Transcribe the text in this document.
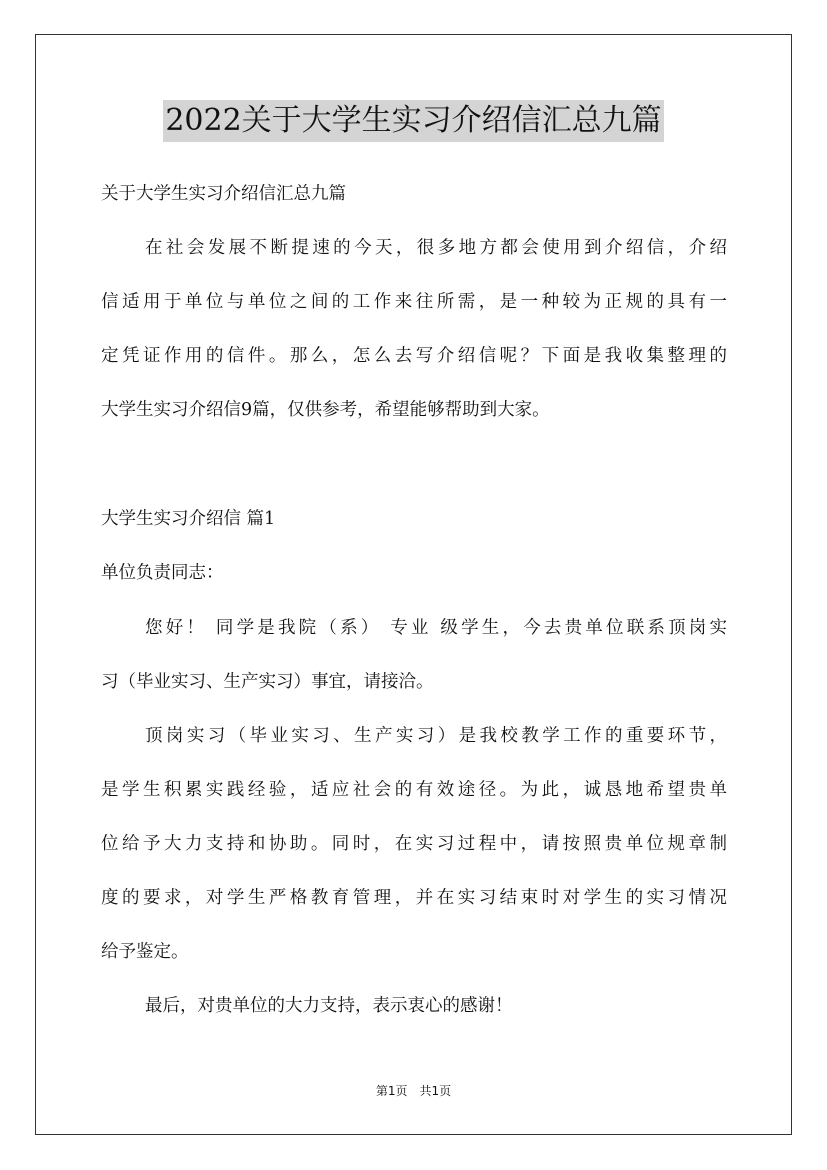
2022关于大学生实习介绍信汇总九篇
关于大学生实习介绍信汇总九篇
在社会发展不断提速的今天，很多地方都会使用到介绍信，介绍
信适用于单位与单位之间的工作来往所需，是一种较为正规的具有一
定凭证作用的信件。那么，怎么去写介绍信呢？下面是我收集整理的
大学生实习介绍信9篇，仅供参考，希望能够帮助到大家。
大学生实习介绍信 篇1
单位负责同志：
您好！ 同学是我院（系） 专业 级学生，今去贵单位联系顶岗实
习（毕业实习、生产实习）事宜，请接洽。
顶岗实习（毕业实习、生产实习）是我校教学工作的重要环节，
是学生积累实践经验，适应社会的有效途径。为此，诚恳地希望贵单
位给予大力支持和协助。同时，在实习过程中，请按照贵单位规章制
度的要求，对学生严格教育管理，并在实习结束时对学生的实习情况
给予鉴定。
最后，对贵单位的大力支持，表示衷心的感谢！
第1页　共1页
